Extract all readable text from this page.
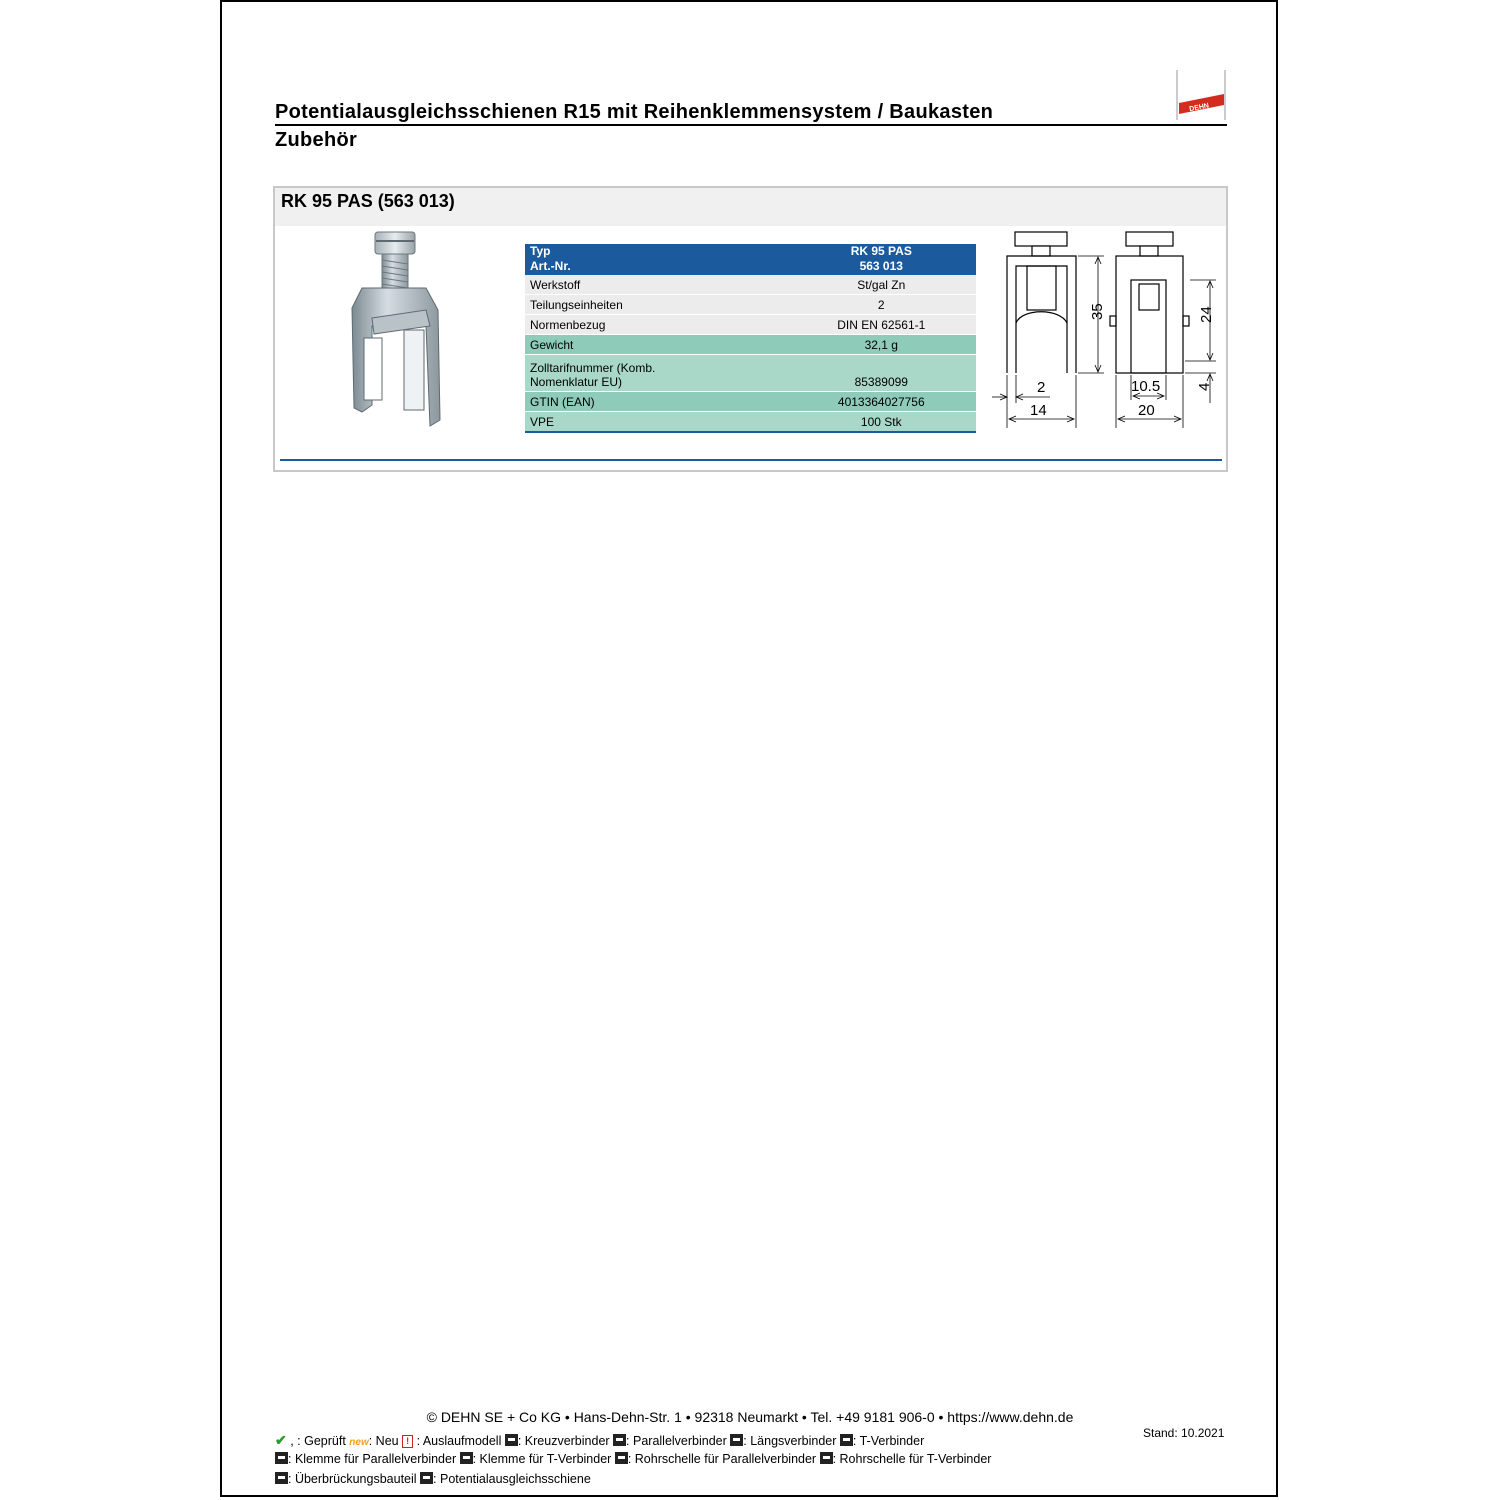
DEHN
Potentialausgleichsschienen R15 mit Reihenklemmensystem / Baukasten
Zubehör
RK 95 PAS (563 013)
Typ	RK 95 PAS
Art.-Nr.	563 013
Werkstoff	St/gal Zn
Teilungseinheiten	2
Normenbezug	DIN EN 62561-1
Gewicht	32,1 g
Zolltarifnummer (Komb.
Nomenklatur EU)	85389099
GTIN (EAN)	4013364027756
VPE	100 Stk
35	24
4
2
14
10.5
20
© DEHN SE + Co KG • Hans-Dehn-Str. 1 • 92318 Neumarkt • Tel. +49 9181 906-0 • https://www.dehn.de
Stand: 10.2021
✔ , : Geprüft new: Neu ! : Auslaufmodell : Kreuzverbinder : Parallelverbinder : Längsverbinder : T-Verbinder
: Klemme für Parallelverbinder : Klemme für T-Verbinder : Rohrschelle für Parallelverbinder : Rohrschelle für T-Verbinder
: Überbrückungsbauteil : Potentialausgleichsschiene
